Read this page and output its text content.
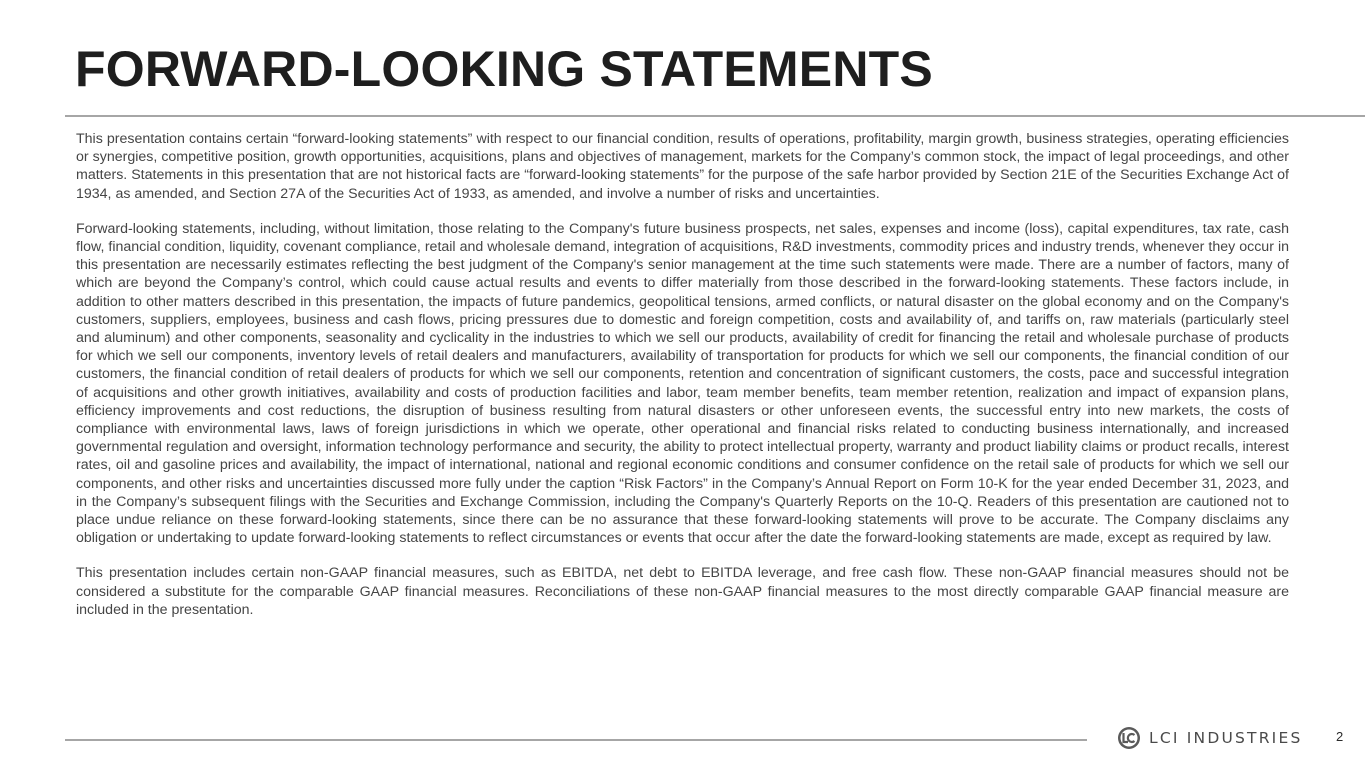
FORWARD-LOOKING STATEMENTS

This presentation contains certain “forward-looking statements” with respect to our financial condition, results of operations, profitability, margin growth, business strategies, operating efficiencies or synergies, competitive position, growth opportunities, acquisitions, plans and objectives of management, markets for the Company’s common stock, the impact of legal proceedings, and other matters. Statements in this presentation that are not historical facts are “forward-looking statements” for the purpose of the safe harbor provided by Section 21E of the Securities Exchange Act of 1934, as amended, and Section 27A of the Securities Act of 1933, as amended, and involve a number of risks and uncertainties.

Forward-looking statements, including, without limitation, those relating to the Company's future business prospects, net sales, expenses and income (loss), capital expenditures, tax rate, cash flow, financial condition, liquidity, covenant compliance, retail and wholesale demand, integration of acquisitions, R&D investments, commodity prices and industry trends, whenever they occur in this presentation are necessarily estimates reflecting the best judgment of the Company's senior management at the time such statements were made. There are a number of factors, many of which are beyond the Company’s control, which could cause actual results and events to differ materially from those described in the forward-looking statements. These factors include, in addition to other matters described in this presentation, the impacts of future pandemics, geopolitical tensions, armed conflicts, or natural disaster on the global economy and on the Company's customers, suppliers, employees, business and cash flows, pricing pressures due to domestic and foreign competition, costs and availability of, and tariffs on, raw materials (particularly steel and aluminum) and other components, seasonality and cyclicality in the industries to which we sell our products, availability of credit for financing the retail and wholesale purchase of products for which we sell our components, inventory levels of retail dealers and manufacturers, availability of transportation for products for which we sell our components, the financial condition of our customers, the financial condition of retail dealers of products for which we sell our components, retention and concentration of significant customers, the costs, pace and successful integration of acquisitions and other growth initiatives, availability and costs of production facilities and labor, team member benefits, team member retention, realization and impact of expansion plans, efficiency improvements and cost reductions, the disruption of business resulting from natural disasters or other unforeseen events, the successful entry into new markets, the costs of compliance with environmental laws, laws of foreign jurisdictions in which we operate, other operational and financial risks related to conducting business internationally, and increased governmental regulation and oversight, information technology performance and security, the ability to protect intellectual property, warranty and product liability claims or product recalls, interest rates, oil and gasoline prices and availability, the impact of international, national and regional economic conditions and consumer confidence on the retail sale of products for which we sell our components, and other risks and uncertainties discussed more fully under the caption “Risk Factors” in the Company’s Annual Report on Form 10-K for the year ended December 31, 2023, and in the Company’s subsequent filings with the Securities and Exchange Commission, including the Company's Quarterly Reports on the 10-Q. Readers of this presentation are cautioned not to place undue reliance on these forward-looking statements, since there can be no assurance that these forward-looking statements will prove to be accurate. The Company disclaims any obligation or undertaking to update forward-looking statements to reflect circumstances or events that occur after the date the forward-looking statements are made, except as required by law.

This presentation includes certain non-GAAP financial measures, such as EBITDA, net debt to EBITDA leverage, and free cash flow. These non-GAAP financial measures should not be considered a substitute for the comparable GAAP financial measures. Reconciliations of these non-GAAP financial measures to the most directly comparable GAAP financial measure are included in the presentation.

LCI INDUSTRIES	2
